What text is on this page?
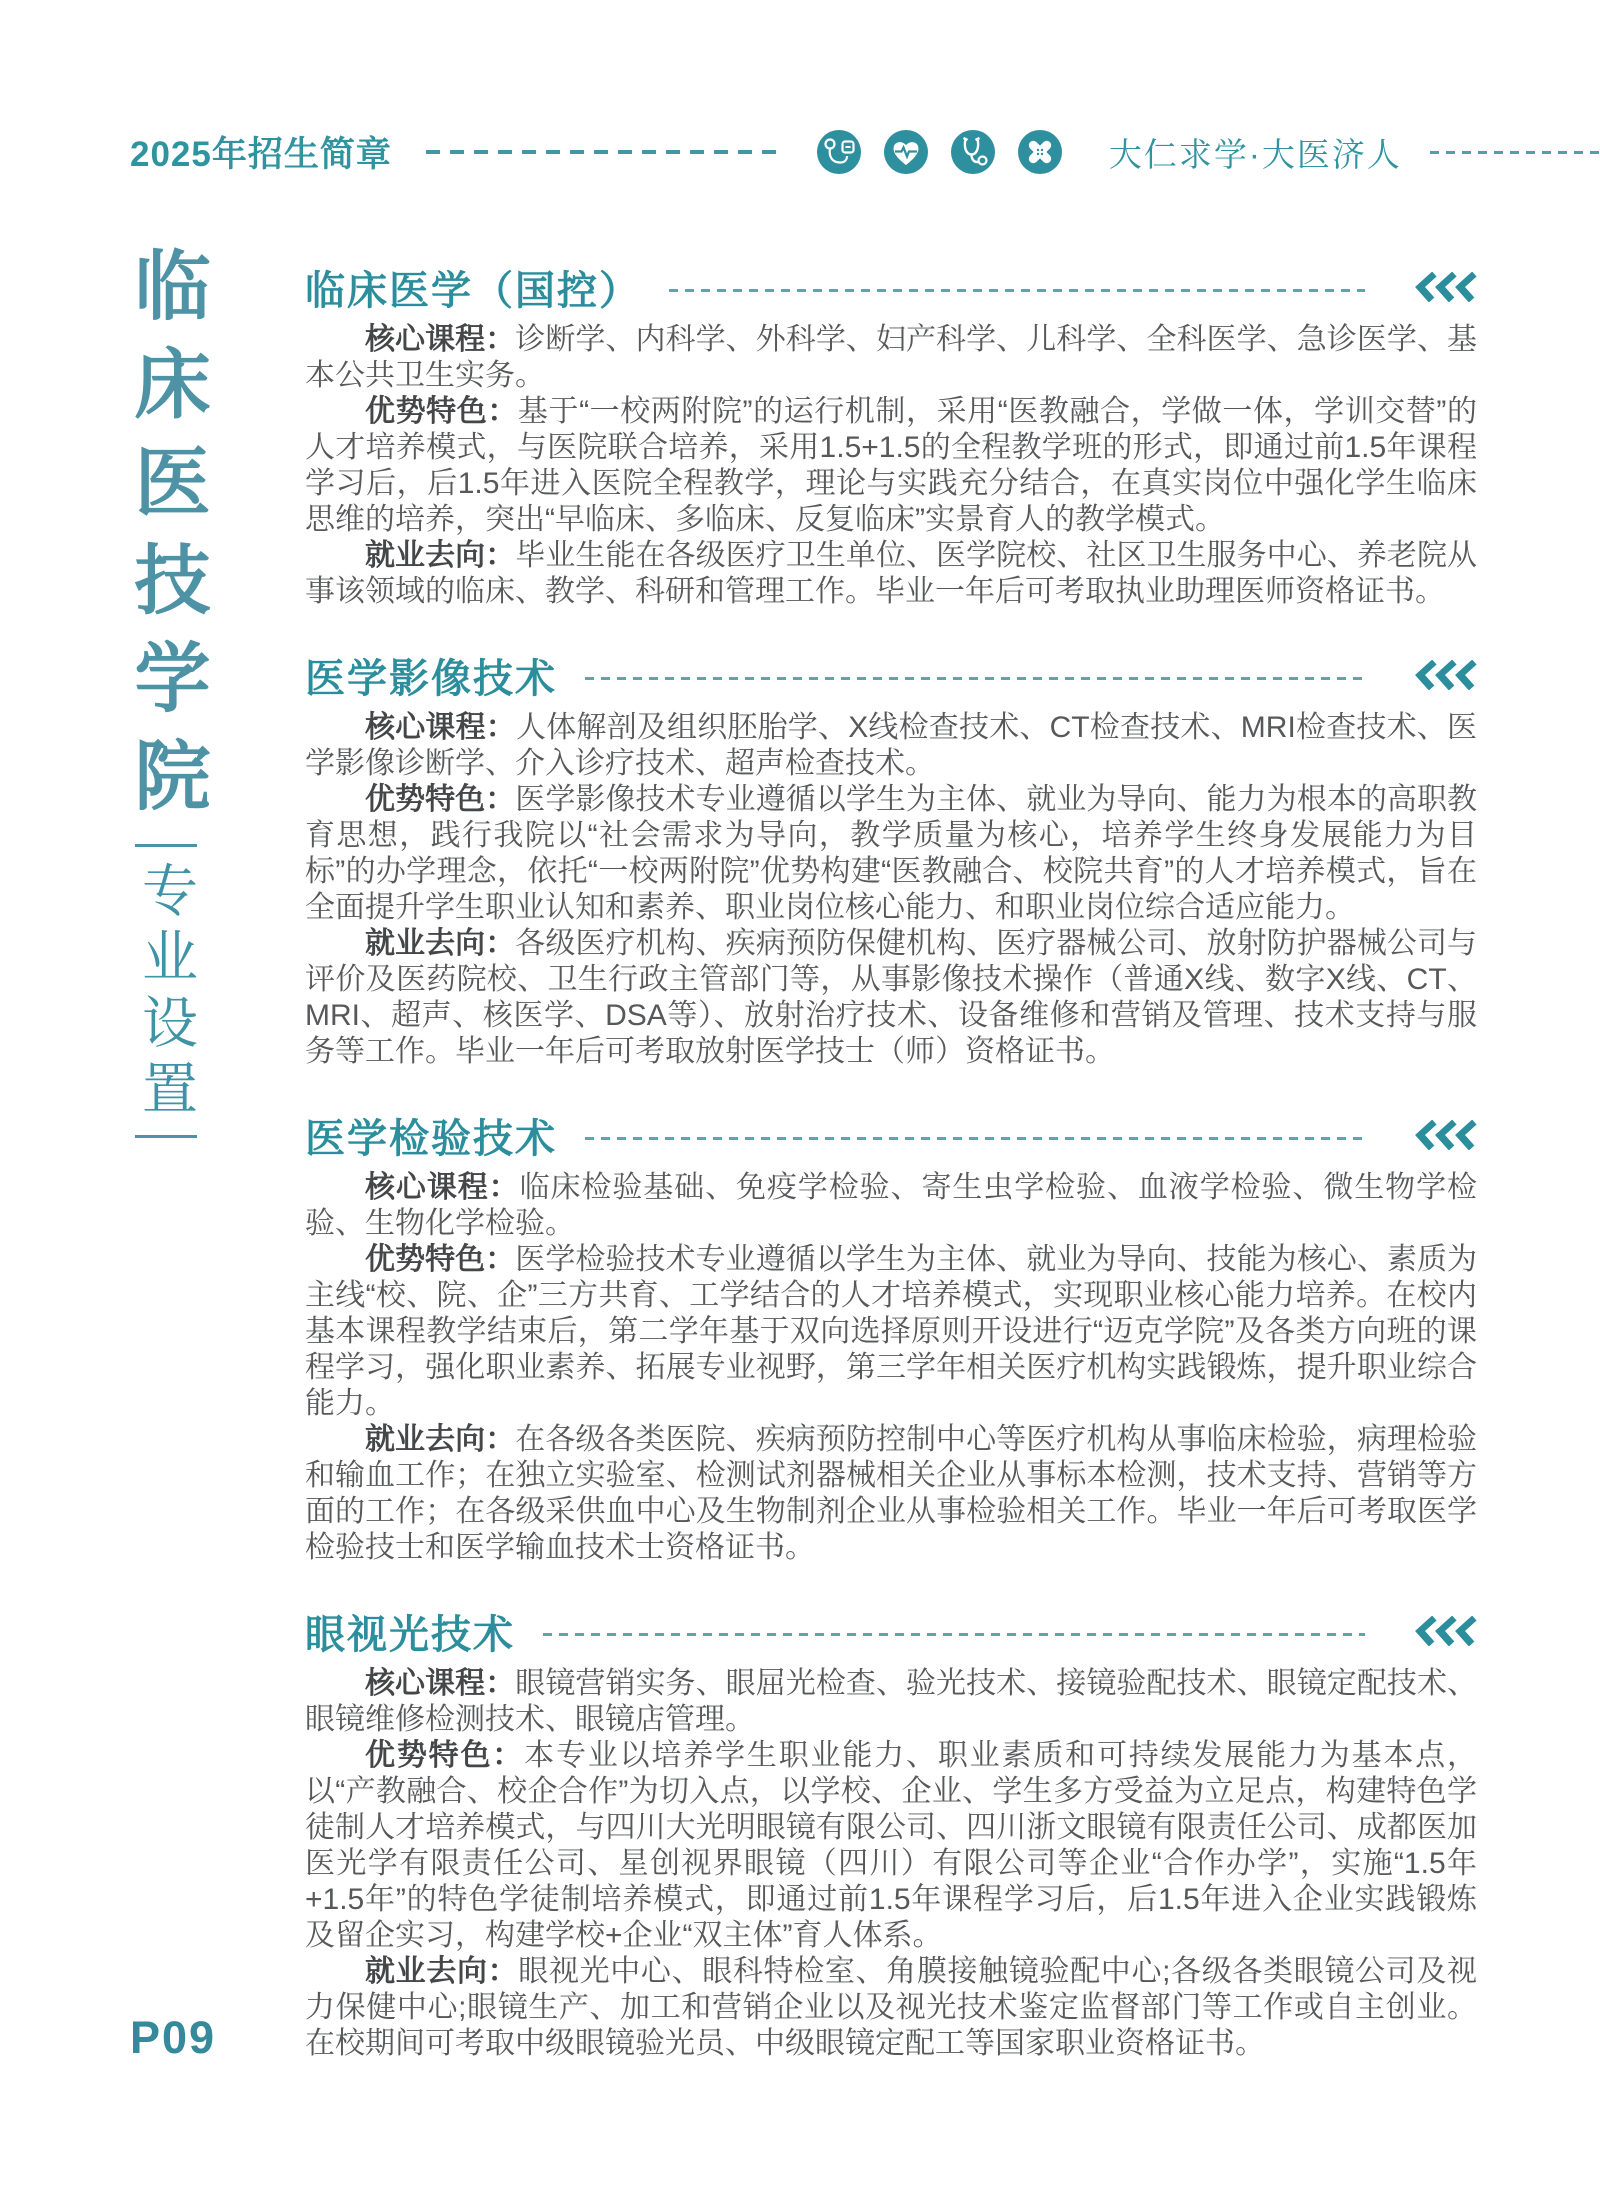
2025年招生简章	大仁求学·大医济人
临床医技学院
专业设置
临床医学（国控）

核心课程：诊断学、内科学、外科学、妇产科学、儿科学、全科医学、急诊医学、基本公共卫生实务。

优势特色：基于“一校两附院”的运行机制，采用“医教融合，学做一体，学训交替”的人才培养模式，与医院联合培养，采用1.5+1.5的全程教学班的形式，即通过前1.5年课程学习后，后1.5年进入医院全程教学，理论与实践充分结合，在真实岗位中强化学生临床思维的培养，突出“早临床、多临床、反复临床”实景育人的教学模式。

就业去向：毕业生能在各级医疗卫生单位、医学院校、社区卫生服务中心、养老院从事该领域的临床、教学、科研和管理工作。毕业一年后可考取执业助理医师资格证书。

医学影像技术

核心课程：人体解剖及组织胚胎学、X线检查技术、CT检查技术、MRI检查技术、医学影像诊断学、介入诊疗技术、超声检查技术。

优势特色：医学影像技术专业遵循以学生为主体、就业为导向、能力为根本的高职教育思想，践行我院以“社会需求为导向，教学质量为核心，培养学生终身发展能力为目标”的办学理念，依托“一校两附院”优势构建“医教融合、校院共育”的人才培养模式，旨在全面提升学生职业认知和素养、职业岗位核心能力、和职业岗位综合适应能力。

就业去向：各级医疗机构、疾病预防保健机构、医疗器械公司、放射防护器械公司与评价及医药院校、卫生行政主管部门等，从事影像技术操作（普通X线、数字X线、CT、MRI、超声、核医学、DSA等）、放射治疗技术、设备维修和营销及管理、技术支持与服务等工作。毕业一年后可考取放射医学技士（师）资格证书。

医学检验技术

核心课程：临床检验基础、免疫学检验、寄生虫学检验、血液学检验、微生物学检验、生物化学检验。

优势特色：医学检验技术专业遵循以学生为主体、就业为导向、技能为核心、素质为主线“校、院、企”三方共育、工学结合的人才培养模式，实现职业核心能力培养。在校内基本课程教学结束后，第二学年基于双向选择原则开设进行“迈克学院”及各类方向班的课程学习，强化职业素养、拓展专业视野，第三学年相关医疗机构实践锻炼，提升职业综合能力。

就业去向：在各级各类医院、疾病预防控制中心等医疗机构从事临床检验，病理检验和输血工作；在独立实验室、检测试剂器械相关企业从事标本检测，技术支持、营销等方面的工作；在各级采供血中心及生物制剂企业从事检验相关工作。毕业一年后可考取医学检验技士和医学输血技术士资格证书。

眼视光技术

核心课程：眼镜营销实务、眼屈光检查、验光技术、接镜验配技术、眼镜定配技术、眼镜维修检测技术、眼镜店管理。

优势特色：本专业以培养学生职业能力、职业素质和可持续发展能力为基本点，以“产教融合、校企合作”为切入点，以学校、企业、学生多方受益为立足点，构建特色学徒制人才培养模式，与四川大光明眼镜有限公司、四川浙文眼镜有限责任公司、成都医加医光学有限责任公司、星创视界眼镜（四川）有限公司等企业“合作办学”，实施“1.5年+1.5年”的特色学徒制培养模式，即通过前1.5年课程学习后，后1.5年进入企业实践锻炼及留企实习，构建学校+企业“双主体”育人体系。

就业去向：眼视光中心、眼科特检室、角膜接触镜验配中心;各级各类眼镜公司及视力保健中心;眼镜生产、加工和营销企业以及视光技术鉴定监督部门等工作或自主创业。在校期间可考取中级眼镜验光员、中级眼镜定配工等国家职业资格证书。

P09
